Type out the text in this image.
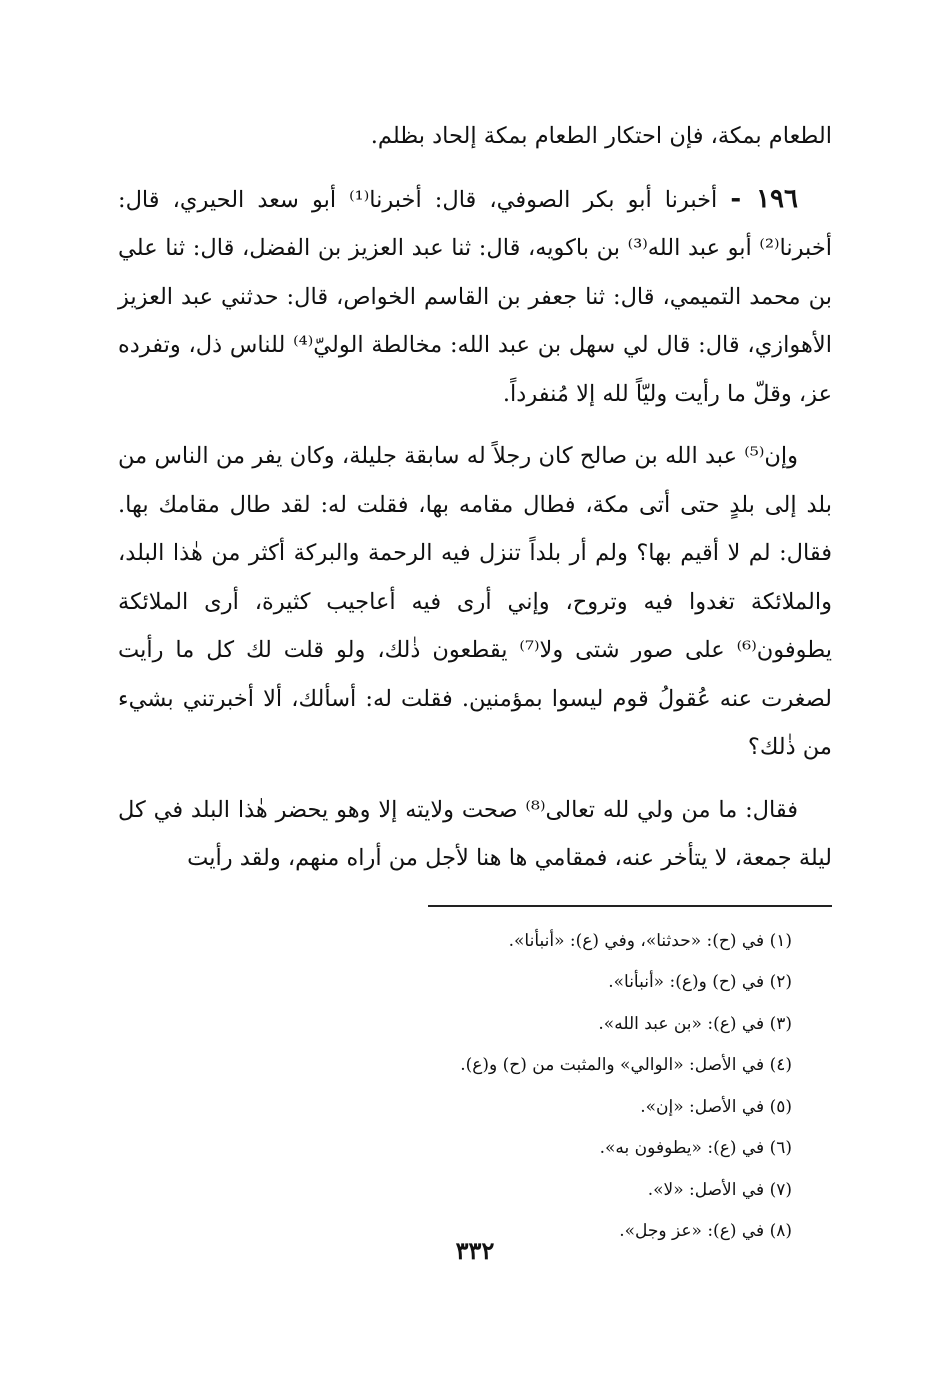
الطعام بمكة، فإن احتكار الطعام بمكة إلحاد بظلم.

١٩٦ - أخبرنا أبو بكر الصوفي، قال: أخبرنا⁽¹⁾ أبو سعد الحيري، قال: أخبرنا⁽²⁾ أبو عبد الله⁽³⁾ بن باكويه، قال: ثنا عبد العزيز بن الفضل، قال: ثنا علي بن محمد التميمي، قال: ثنا جعفر بن القاسم الخواص، قال: حدثني عبد العزيز الأهوازي، قال: قال لي سهل بن عبد الله: مخالطة الوليّ⁽⁴⁾ للناس ذل، وتفرده عز، وقلّ ما رأيت وليّاً لله إلا مُنفرداً.

وإن⁽⁵⁾ عبد الله بن صالح كان رجلاً له سابقة جليلة، وكان يفر من الناس من بلد إلى بلدٍ حتى أتى مكة، فطال مقامه بها، فقلت له: لقد طال مقامك بها. فقال: لم لا أقيم بها؟ ولم أر بلداً تنزل فيه الرحمة والبركة أكثر من هٰذا البلد، والملائكة تغدوا فيه وتروح، وإني أرى فيه أعاجيب كثيرة، أرى الملائكة يطوفون⁽⁶⁾ على صور شتى ولا⁽⁷⁾ يقطعون ذٰلك، ولو قلت لك كل ما رأيت لصغرت عنه عُقولُ قوم ليسوا بمؤمنين. فقلت له: أسألك، ألا أخبرتني بشيء من ذٰلك؟

فقال: ما من ولي لله تعالى⁽⁸⁾ صحت ولايته إلا وهو يحضر هٰذا البلد في كل ليلة جمعة، لا يتأخر عنه، فمقامي ها هنا لأجل من أراه منهم، ولقد رأيت

(١) في (ح): «حدثنا»، وفي (ع): «أنبأنا».

(٢) في (ح) و(ع): «أنبأنا».

(٣) في (ع): «بن عبد الله».

(٤) في الأصل: «الوالي» والمثبت من (ح) و(ع).

(٥) في الأصل: «إن».

(٦) في (ع): «يطوفون به».

(٧) في الأصل: «لا».

(٨) في (ع): «عز وجل».

٣٣٢
